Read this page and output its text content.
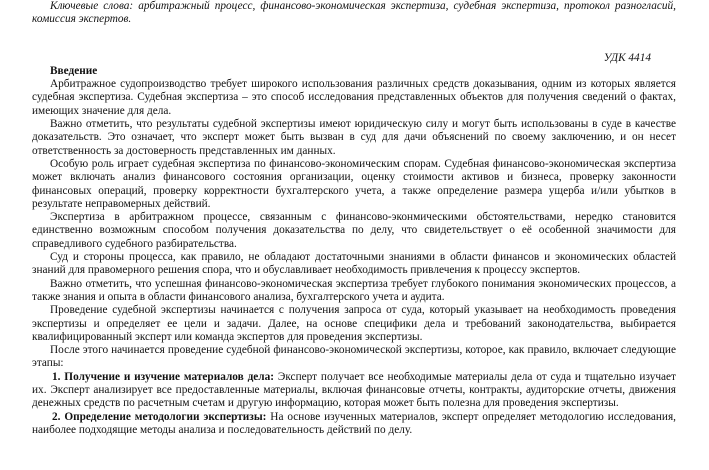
Ключевые слова: арбитражный процесс, финансово-экономическая экспертиза, судебная экспертиза, протокол разногласий, комиссия экспертов.

УДК 4414
Введение

Арбитражное судопроизводство требует широкого использования различных средств доказывания, одним из которых является судебная экспертиза. Судебная экспертиза – это способ исследования представленных объектов для получения сведений о фактах, имеющих значение для дела.

Важно отметить, что результаты судебной экспертизы имеют юридическую силу и могут быть использованы в суде в качестве доказательств. Это означает, что эксперт может быть вызван в суд для дачи объяснений по своему заключению, и он несет ответственность за достоверность представленных им данных.

Особую роль играет судебная экспертиза по финансово-экономическим спорам. Судебная финансово-экономическая экспертиза может включать анализ финансового состояния организации, оценку стоимости активов и бизнеса, проверку законности финансовых операций, проверку корректности бухгалтерского учета, а также определение размера ущерба и/или убытков в результате неправомерных действий.

Экспертиза в арбитражном процессе, связанным с финансово-эконмическими обстоятельствами, нередко становится единственно возможным способом получения доказательства по делу, что свидетельствует о её особенной значимости для справедливого судебного разбирательства.

Суд и стороны процесса, как правило, не обладают достаточными знаниями в области финансов и экономических областей знаний для правомерного решения спора, что и обуславливает необходимость привлечения к процессу экспертов.

Важно отметить, что успешная финансово-экономическая экспертиза требует глубокого понимания экономических процессов, а также знания и опыта в области финансового анализа, бухгалтерского учета и аудита.

Проведение судебной экспертизы начинается с получения запроса от суда, который указывает на необходимость проведения экспертизы и определяет ее цели и задачи. Далее, на основе специфики дела и требований законодательства, выбирается квалифицированный эксперт или команда экспертов для проведения экспертизы.

После этого начинается проведение судебной финансово-экономической экспертизы, которое, как правило, включает следующие этапы:

1. Получение и изучение материалов дела: Эксперт получает все необходимые материалы дела от суда и тщательно изучает их. Эксперт анализирует все предоставленные материалы, включая финансовые отчеты, контракты, аудиторские отчеты, движения денежных средств по расчетным счетам и другую информацию, которая может быть полезна для проведения экспертизы.

2. Определение методологии экспертизы: На основе изученных материалов, эксперт определяет методологию исследования, наиболее подходящие методы анализа и последовательность действий по делу.
